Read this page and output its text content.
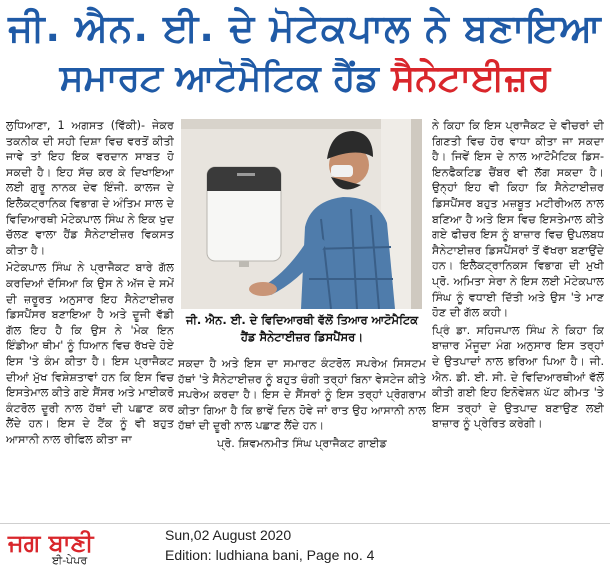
ਜੀ. ਐਨ. ਈ. ਦੇ ਮੋਟੇਕਪਾਲ ਨੇ ਬਣਾਇਆ
ਸਮਾਰਟ ਆਟੋਮੈਟਿਕ ਹੈਂਡ ਸੈਨੇਟਾਈਜ਼ਰ

ਲੁਧਿਆਣਾ, 1 ਅਗਸਤ (ਵਿੱਕੀ)- ਜੇਕਰ ਤਕਨੀਕ ਦੀ ਸਹੀ ਦਿਸ਼ਾ ਵਿਚ ਵਰਤੋਂ ਕੀਤੀ ਜਾਵੇ ਤਾਂ ਇਹ ਇਕ ਵਰਦਾਨ ਸਾਬਤ ਹੋ ਸਕਦੀ ਹੈ। ਇਹ ਸੱਚ ਕਰ ਕੇ ਦਿਖਾਇਆ ਲਈ ਗੁਰੂ ਨਾਨਕ ਦੇਵ ਇੰਜੀ. ਕਾਲਜ ਦੇ ਇਲੈਕਟ੍ਰਾਨਿਕ ਵਿਭਾਗ ਦੇ ਅੰਤਿਮ ਸਾਲ ਦੇ ਵਿਦਿਆਰਥੀ ਮੋਟੇਕਪਾਲ ਸਿੰਘ ਨੇ ਇਕ ਖੁਦ ਚੱਲਣ ਵਾਲਾ ਹੈਂਡ ਸੈਨੇਟਾਈਜ਼ਰ ਵਿਕਸਤ ਕੀਤਾ ਹੈ।

ਮੋਟੇਕਪਾਲ ਸਿੰਘ ਨੇ ਪ੍ਰਾਜੈਕਟ ਬਾਰੇ ਗੱਲ ਕਰਦਿਆਂ ਦੱਸਿਆ ਕਿ ਉਸ ਨੇ ਅੱਜ ਦੇ ਸਮੇਂ ਦੀ ਜ਼ਰੂਰਤ ਅਨੁਸਾਰ ਇਹ ਸੈਨੇਟਾਈਜ਼ਰ ਡਿਸਪੈਂਸਰ ਬਣਾਇਆ ਹੈ ਅਤੇ ਦੂਜੀ ਵੱਡੀ ਗੱਲ ਇਹ ਹੈ ਕਿ ਉਸ ਨੇ 'ਮੇਕ ਇਨ ਇੰਡੀਆ ਥੀਮ' ਨੂੰ ਧਿਆਨ ਵਿਚ ਰੱਖਦੇ ਹੋਏ ਇਸ 'ਤੇ ਕੰਮ ਕੀਤਾ ਹੈ। ਇਸ ਪ੍ਰਾਜੈਕਟ ਦੀਆਂ ਮੁੱਖ ਵਿਸ਼ੇਸ਼ਤਾਵਾਂ ਹਨ ਕਿ ਇਸ ਵਿਚ ਇਸਤੇਮਾਲ ਕੀਤੇ ਗਏ ਸੈਂਸਰ ਅਤੇ ਮਾਈਕਰੋ ਕੰਟਰੋਲ ਦੂਰੀ ਨਾਲ ਹੱਥਾਂ ਦੀ ਪਛਾਣ ਕਰ ਲੈਂਦੇ ਹਨ। ਇਸ ਦੇ ਟੈਂਕ ਨੂੰ ਵੀ ਬਹੁਤ ਆਸਾਨੀ ਨਾਲ ਰੀਫਿਲ ਕੀਤਾ ਜਾ

ਜੀ. ਐਨ. ਈ. ਦੇ ਵਿਦਿਆਰਥੀ ਵੱਲੋਂ ਤਿਆਰ ਆਟੋਮੈਟਿਕ ਹੈਂਡ ਸੈਨੇਟਾਈਜ਼ਰ ਡਿਸਪੈਂਸਰ।
ਸਕਦਾ ਹੈ ਅਤੇ ਇਸ ਦਾ ਸਮਾਰਟ ਕੰਟਰੋਲ ਸਪਰੇਅ ਸਿਸਟਮ ਹੱਥਾਂ 'ਤੇ ਸੈਨੇਟਾਈਜ਼ਰ ਨੂੰ ਬਹੁਤ ਚੰਗੀ ਤਰ੍ਹਾਂ ਬਿਨਾ ਵੇਸਟੇਜ ਕੀਤੇ ਸਪਰੇਅ ਕਰਦਾ ਹੈ। ਇਸ ਦੇ ਸੈਂਸਰਾਂ ਨੂੰ ਇਸ ਤਰ੍ਹਾਂ ਪ੍ਰੋਗਰਾਮ ਕੀਤਾ ਗਿਆ ਹੈ ਕਿ ਭਾਵੇਂ ਦਿਨ ਹੋਵੇ ਜਾਂ ਰਾਤ ਉਹ ਆਸਾਨੀ ਨਾਲ ਹੱਥਾਂ ਦੀ ਦੂਰੀ ਨਾਲ ਪਛਾਣ ਲੈਂਦੇ ਹਨ।
ਪ੍ਰੋ. ਸ਼ਿਵਮਨਮੀਤ ਸਿੰਘ ਪ੍ਰਾਜੈਕਟ ਗਾਈਡ

ਨੇ ਕਿਹਾ ਕਿ ਇਸ ਪ੍ਰਾਜੈਕਟ ਦੇ ਵੀਚਰਾਂ ਦੀ ਗਿਣਤੀ ਵਿਚ ਹੋਰ ਵਾਧਾ ਕੀਤਾ ਜਾ ਸਕਦਾ ਹੈ। ਜਿਵੇਂ ਇਸ ਦੇ ਨਾਲ ਆਟੋਮੈਟਿਕ ਡਿਸ-ਇਨਫੈਕਟਿਡ ਚੈਂਬਰ ਵੀ ਲੱਗ ਸਕਦਾ ਹੈ। ਉਨ੍ਹਾਂ ਇਹ ਵੀ ਕਿਹਾ ਕਿ ਸੈਨੇਟਾਈਜ਼ਰ ਡਿਸਪੈਂਸਰ ਬਹੁਤ ਮਜ਼ਬੂਤ ਮਟੀਰੀਅਲ ਨਾਲ ਬਣਿਆ ਹੈ ਅਤੇ ਇਸ ਵਿਚ ਇਸਤੇਮਾਲ ਕੀਤੇ ਗਏ ਫੀਚਰ ਇਸ ਨੂੰ ਬਾਜ਼ਾਰ ਵਿਚ ਉਪਲਬਧ ਸੈਨੇਟਾਈਜ਼ਰ ਡਿਸਪੈਂਸਰਾਂ ਤੋਂ ਵੱਖਰਾ ਬਣਾਉਂਦੇ ਹਨ। ਇਲੈਕਟ੍ਰਾਨਿਕਸ ਵਿਭਾਗ ਦੀ ਮੁਖੀ ਪ੍ਰੋ. ਅਮਿਤਾ ਸੇਰਾ ਨੇ ਇਸ ਲਈ ਮੋਟੇਕਪਾਲ ਸਿੰਘ ਨੂੰ ਵਧਾਈ ਦਿੱਤੀ ਅਤੇ ਉਸ 'ਤੇ ਮਾਣ ਹੋਣ ਦੀ ਗੱਲ ਕਹੀ।

ਪ੍ਰਿੰ ਡਾ. ਸਹਿਜਪਾਲ ਸਿੰਘ ਨੇ ਕਿਹਾ ਕਿ ਬਾਜ਼ਾਰ ਮੌਜੂਦਾ ਮੰਗ ਅਨੁਸਾਰ ਇਸ ਤਰ੍ਹਾਂ ਦੇ ਉਤਪਾਦਾਂ ਨਾਲ ਭਰਿਆ ਪਿਆ ਹੈ। ਜੀ. ਐਨ. ਡੀ. ਈ. ਸੀ. ਦੇ ਵਿਦਿਆਰਥੀਆਂ ਵੱਲੋਂ ਕੀਤੀ ਗਈ ਇਹ ਇਨੋਵੇਸ਼ਨ ਘੱਟ ਕੀਮਤ 'ਤੇ ਇਸ ਤਰ੍ਹਾਂ ਦੇ ਉਤਪਾਦ ਬਣਾਉਣ ਲਈ ਬਾਜ਼ਾਰ ਨੂੰ ਪ੍ਰੇਰਿਤ ਕਰੇਗੀ।

ਜਗ ਬਾਣੀ
ਈ-ਪੇਪਰ
Sun,02 August 2020
Edition: ludhiana bani, Page no. 4
